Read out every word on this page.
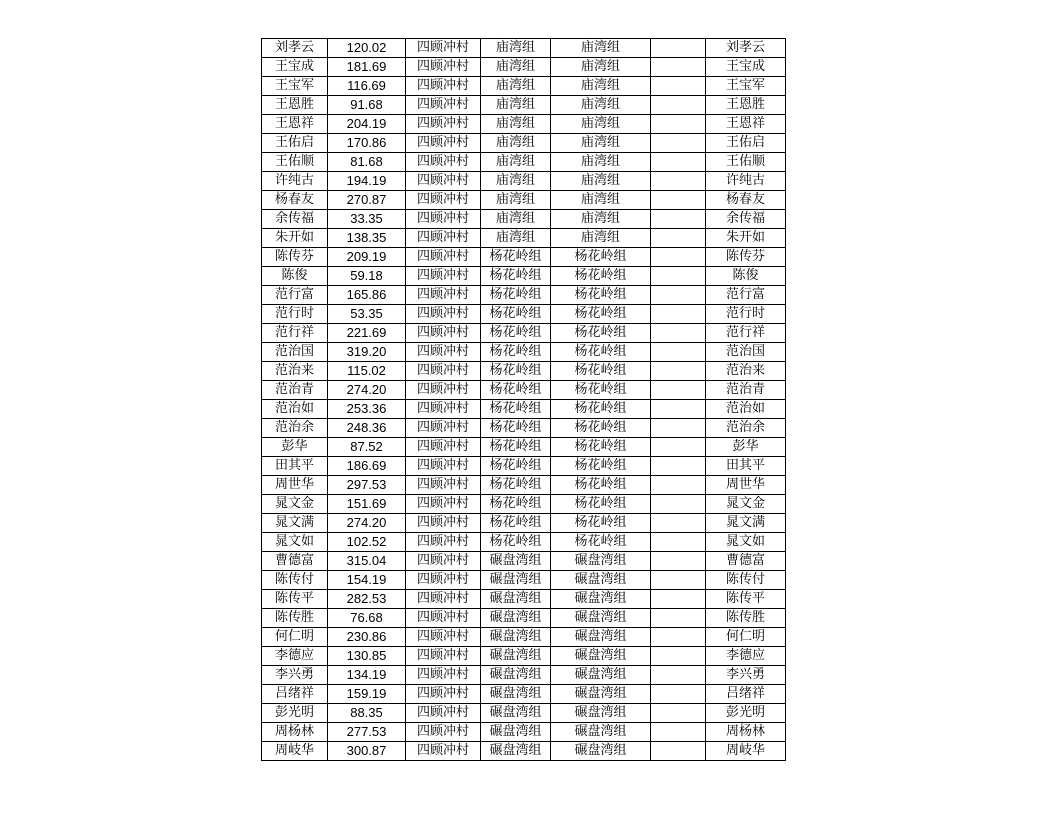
刘孝云	120.02	四顾冲村	庙湾组	庙湾组		刘孝云
王宝成	181.69	四顾冲村	庙湾组	庙湾组		王宝成
王宝军	116.69	四顾冲村	庙湾组	庙湾组		王宝军
王恩胜	91.68	四顾冲村	庙湾组	庙湾组		王恩胜
王恩祥	204.19	四顾冲村	庙湾组	庙湾组		王恩祥
王佑启	170.86	四顾冲村	庙湾组	庙湾组		王佑启
王佑顺	81.68	四顾冲村	庙湾组	庙湾组		王佑顺
许纯古	194.19	四顾冲村	庙湾组	庙湾组		许纯古
杨春友	270.87	四顾冲村	庙湾组	庙湾组		杨春友
余传福	33.35	四顾冲村	庙湾组	庙湾组		余传福
朱开如	138.35	四顾冲村	庙湾组	庙湾组		朱开如
陈传芬	209.19	四顾冲村	杨花岭组	杨花岭组		陈传芬
陈俊	59.18	四顾冲村	杨花岭组	杨花岭组		陈俊
范行富	165.86	四顾冲村	杨花岭组	杨花岭组		范行富
范行时	53.35	四顾冲村	杨花岭组	杨花岭组		范行时
范行祥	221.69	四顾冲村	杨花岭组	杨花岭组		范行祥
范治国	319.20	四顾冲村	杨花岭组	杨花岭组		范治国
范治来	115.02	四顾冲村	杨花岭组	杨花岭组		范治来
范治青	274.20	四顾冲村	杨花岭组	杨花岭组		范治青
范治如	253.36	四顾冲村	杨花岭组	杨花岭组		范治如
范治余	248.36	四顾冲村	杨花岭组	杨花岭组		范治余
彭华	87.52	四顾冲村	杨花岭组	杨花岭组		彭华
田其平	186.69	四顾冲村	杨花岭组	杨花岭组		田其平
周世华	297.53	四顾冲村	杨花岭组	杨花岭组		周世华
晁文金	151.69	四顾冲村	杨花岭组	杨花岭组		晁文金
晁文满	274.20	四顾冲村	杨花岭组	杨花岭组		晁文满
晁文如	102.52	四顾冲村	杨花岭组	杨花岭组		晁文如
曹德富	315.04	四顾冲村	碾盘湾组	碾盘湾组		曹德富
陈传付	154.19	四顾冲村	碾盘湾组	碾盘湾组		陈传付
陈传平	282.53	四顾冲村	碾盘湾组	碾盘湾组		陈传平
陈传胜	76.68	四顾冲村	碾盘湾组	碾盘湾组		陈传胜
何仁明	230.86	四顾冲村	碾盘湾组	碾盘湾组		何仁明
李德应	130.85	四顾冲村	碾盘湾组	碾盘湾组		李德应
李兴勇	134.19	四顾冲村	碾盘湾组	碾盘湾组		李兴勇
吕绪祥	159.19	四顾冲村	碾盘湾组	碾盘湾组		吕绪祥
彭光明	88.35	四顾冲村	碾盘湾组	碾盘湾组		彭光明
周杨林	277.53	四顾冲村	碾盘湾组	碾盘湾组		周杨林
周岐华	300.87	四顾冲村	碾盘湾组	碾盘湾组		周岐华
